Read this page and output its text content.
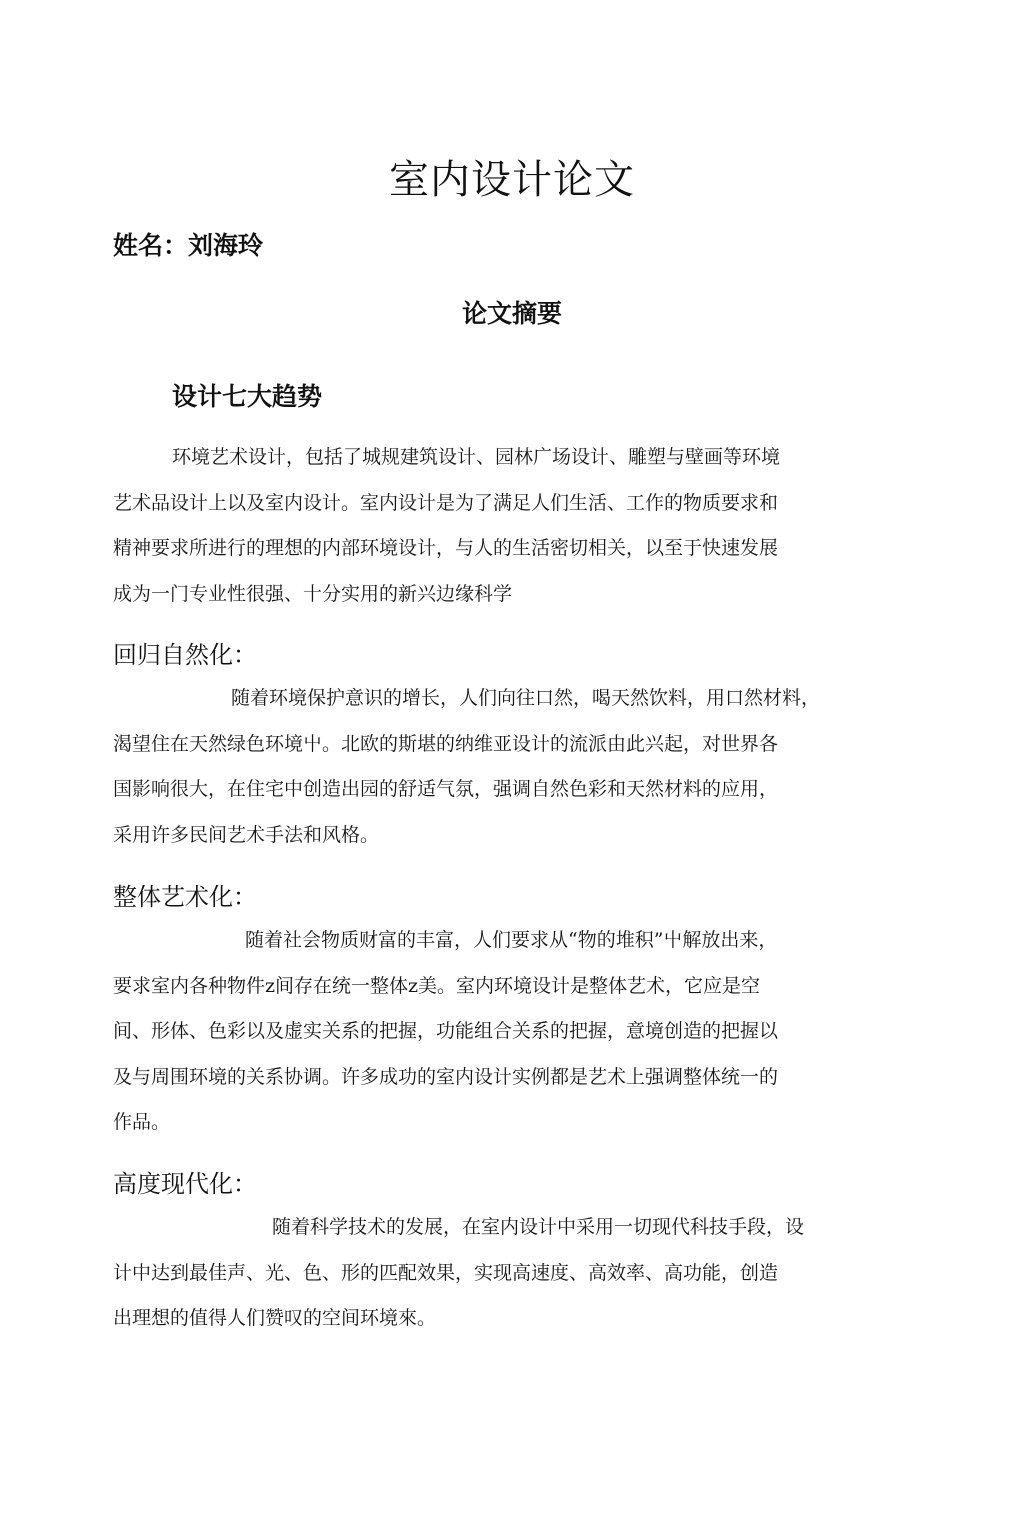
室内设计论文
姓名：刘海玲
论文摘要
设计七大趋势
环境艺术设计，包括了城规建筑设计、园林广场设计、雕塑与壁画等环境
艺术品设计上以及室内设计。室内设计是为了满足人们生活、工作的物质要求和
精神要求所进行的理想的内部环境设计，与人的生活密切相关，以至于快速发展
成为一门专业性很强、十分实用的新兴边缘科学
回归自然化：
随着环境保护意识的增长，人们向往口然，喝天然饮料，用口然材料，
渴望住在天然绿色环境屮。北欧的斯堪的纳维亚设计的流派由此兴起，对世界各
国影响很大，在住宅中创造出园的舒适气氛，强调自然色彩和天然材料的应用，
采用许多民间艺术手法和风格。
整体艺术化：
随着社会物质财富的丰富，人们要求从“物的堆积”屮解放出来，
要求室内各种物件z间存在统一整体z美。室内环境设计是整体艺术，它应是空
间、形体、色彩以及虚实关系的把握，功能组合关系的把握，意境创造的把握以
及与周围环境的关系协调。许多成功的室内设计实例都是艺术上强调整体统一的
作品。
高度现代化：
随着科学技术的发展，在室内设计中采用一切现代科技手段，设
计中达到最佳声、光、色、形的匹配效果，实现高速度、高效率、高功能，创造
出理想的值得人们赞叹的空间环境來。
